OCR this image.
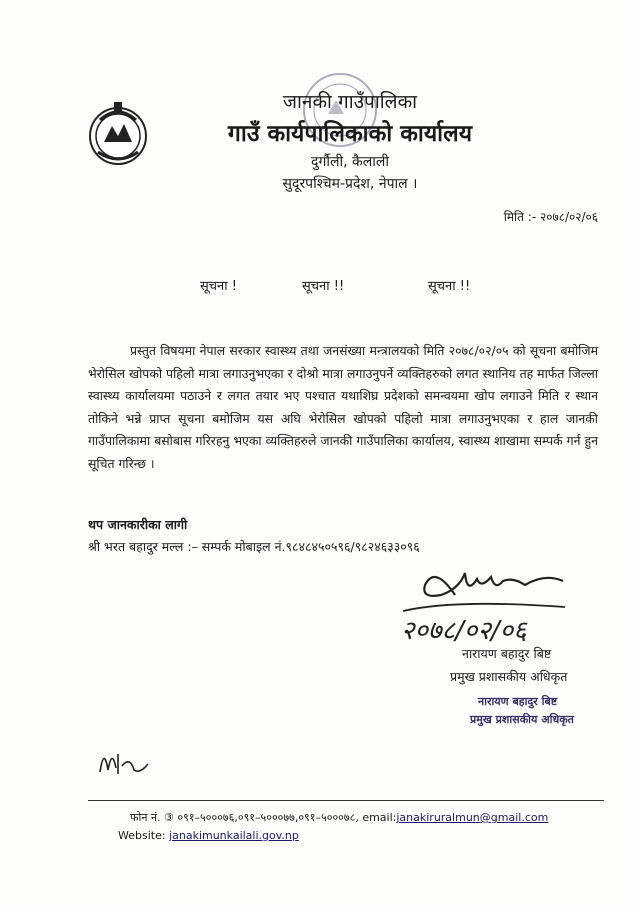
जानकी गाउँपालिका
गाउँ कार्यपालिकाको कार्यालय
दुर्गौली, कैलाली
सुदूरपश्चिम-प्रदेश, नेपाल ।
मिति :- २०७८/०२/०६
सूचना !	सूचना !!	सूचना !!
प्रस्तुत विषयमा नेपाल सरकार स्वास्थ्य तथा जनसंख्या मन्त्रालयको मिति २०७८/०२/०५ को सूचना बमोजिम भेरोसिल खोपको पहिलो मात्रा लगाउनुभएका र दोश्रो मात्रा लगाउनुपर्ने व्यक्तिहरुको लगत स्थानिय तह मार्फत जिल्ला स्वास्थ्य कार्यालयमा पठाउने र लगत तयार भए पश्चात यथाशिघ्र प्रदेशको समन्वयमा खोप लगाउने मिति र स्थान तोकिने भन्ने प्राप्त सूचना बमोजिम यस अघि भेरोसिल खोपको पहिलो मात्रा लगाउनुभएका र हाल जानकी गाउँपालिकामा बसोबास गरिरहनु भएका व्यक्तिहरुले जानकी गाउँपालिका कार्यालय, स्वास्थ्य शाखामा सम्पर्क गर्न हुन सूचित गरिन्छ ।
थप जानकारीका लागी
श्री भरत बहादुर मल्ल :– सम्पर्क मोबाइल नं.९८४८४५०५९६/९८२४६३३०९६
२०७८/०२/०६
नारायण बहादुर बिष्ट
प्रमुख प्रशासकीय अधिकृत
नारायण बहादुर बिष्ट
प्रमुख प्रशासकीय अधिकृत
फोन नं. ③ ०९१–५०००७६,०९१–५०००७७,०९१–५०००७८, email:janakiruralmun@gmail.com
Website: janakimunkailali.gov.np
